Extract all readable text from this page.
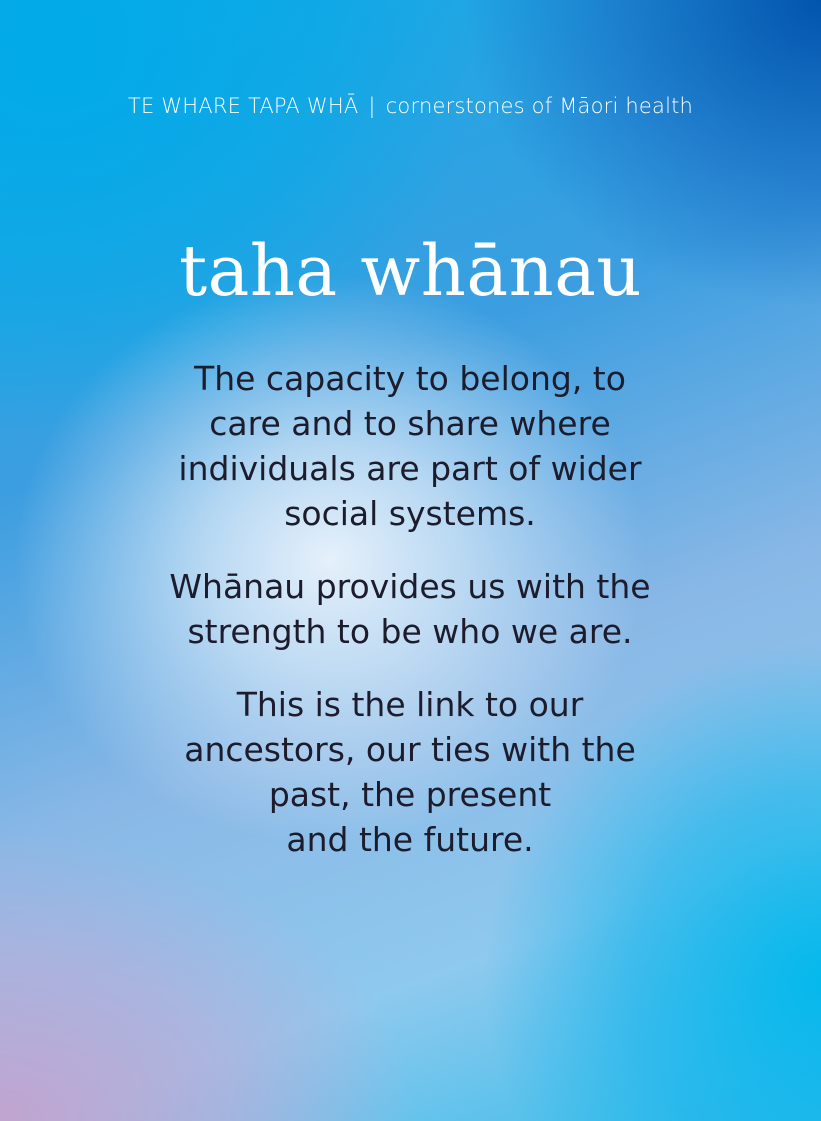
TE WHARE TAPA WHĀ | cornerstones of Māori health
taha whānau
The capacity to belong, to
care and to share where
individuals are part of wider
social systems.
Whānau provides us with the
strength to be who we are.
This is the link to our
ancestors, our ties with the
past, the present
and the future.
